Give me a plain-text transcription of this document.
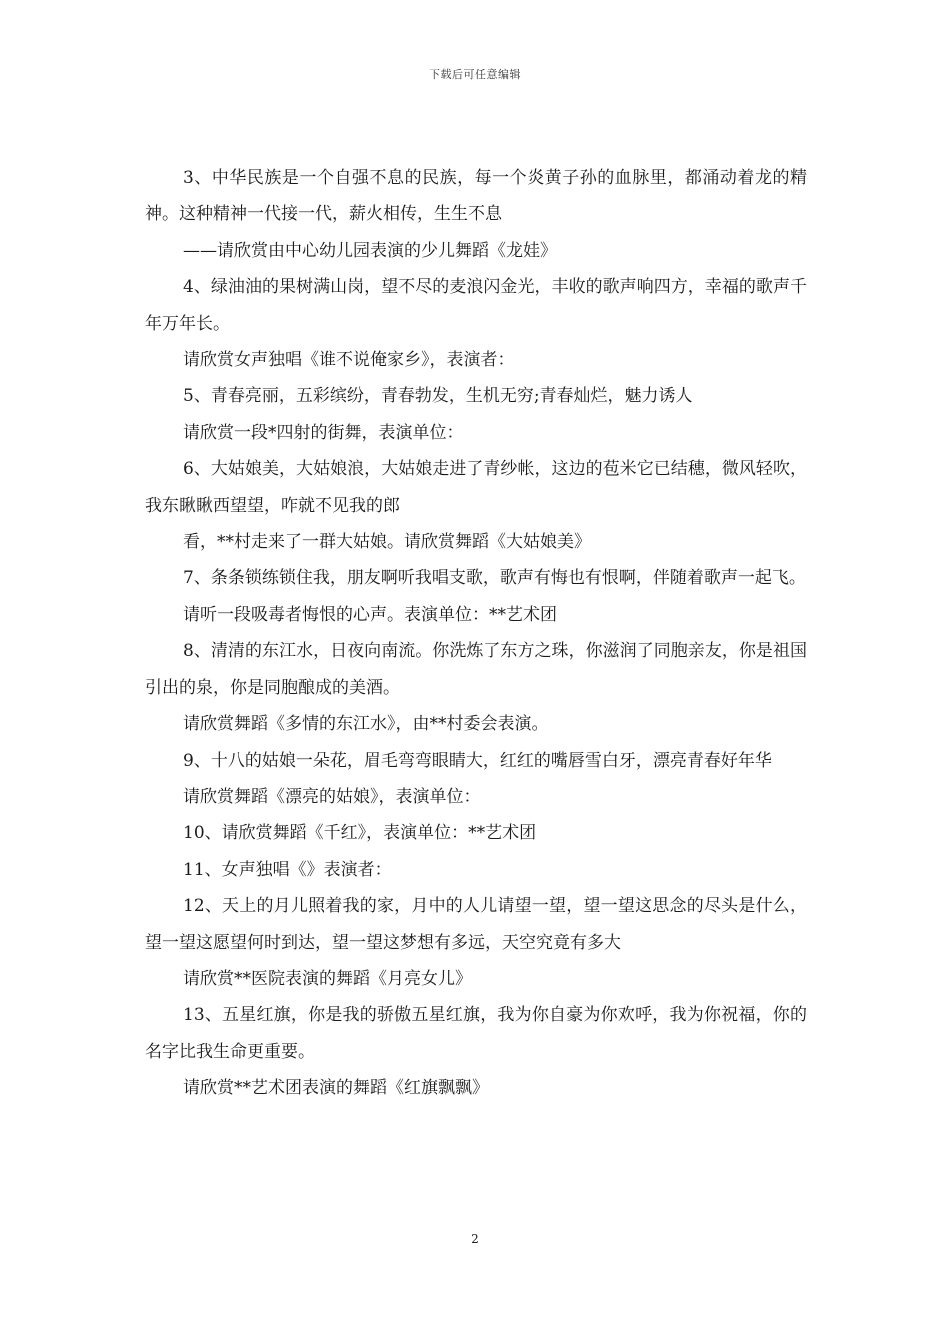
下载后可任意编辑

3、中华民族是一个自强不息的民族，每一个炎黄子孙的血脉里，都涌动着龙的精神。这种精神一代接一代，薪火相传，生生不息

——请欣赏由中心幼儿园表演的少儿舞蹈《龙娃》

4、绿油油的果树满山岗，望不尽的麦浪闪金光，丰收的歌声响四方，幸福的歌声千年万年长。

请欣赏女声独唱《谁不说俺家乡》，表演者：

5、青春亮丽，五彩缤纷，青春勃发，生机无穷;青春灿烂，魅力诱人

请欣赏一段*四射的街舞，表演单位：

6、大姑娘美，大姑娘浪，大姑娘走进了青纱帐，这边的苞米它已结穗，微风轻吹，我东瞅瞅西望望，咋就不见我的郎

看，**村走来了一群大姑娘。请欣赏舞蹈《大姑娘美》

7、条条锁练锁住我，朋友啊听我唱支歌，歌声有悔也有恨啊，伴随着歌声一起飞。

请听一段吸毒者悔恨的心声。表演单位：**艺术团

8、清清的东江水，日夜向南流。你洗炼了东方之珠，你滋润了同胞亲友，你是祖国引出的泉，你是同胞酿成的美酒。

请欣赏舞蹈《多情的东江水》，由**村委会表演。

9、十八的姑娘一朵花，眉毛弯弯眼睛大，红红的嘴唇雪白牙，漂亮青春好年华

请欣赏舞蹈《漂亮的姑娘》，表演单位：

10、请欣赏舞蹈《千红》，表演单位：**艺术团

11、女声独唱《》表演者：

12、天上的月儿照着我的家，月中的人儿请望一望，望一望这思念的尽头是什么，望一望这愿望何时到达，望一望这梦想有多远，天空究竟有多大

请欣赏**医院表演的舞蹈《月亮女儿》

13、五星红旗，你是我的骄傲五星红旗，我为你自豪为你欢呼，我为你祝福，你的名字比我生命更重要。

请欣赏**艺术团表演的舞蹈《红旗飘飘》

2
